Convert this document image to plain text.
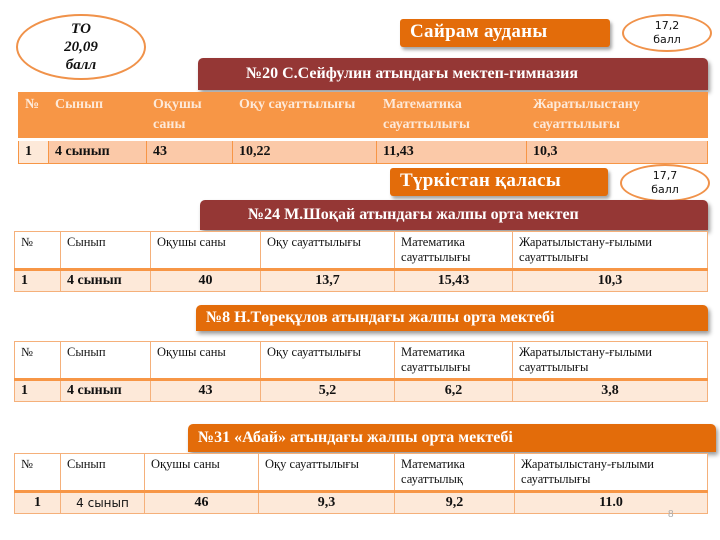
ТО
20,09
балл
Сайрам ауданы	17,2
балл
№20 С.Сейфулин атындағы мектеп-гимназия
№	Сынып	Оқушы саны	Оқу сауаттылығы	Математика сауаттылығы	Жаратылыстану сауаттылығы
1	4 сынып	43	10,22	11,43	10,3
Түркістан қаласы	17,7
балл
№24 М.Шоқай атындағы жалпы орта мектеп
№	Сынып	Оқушы саны	Оқу сауаттылығы	Математика сауаттылығы	Жаратылыстану-ғылыми сауаттылығы
1	4 сынып	40	13,7	15,43	10,3
№8 Н.Төреқұлов атындағы жалпы орта мектебі
№	Сынып	Оқушы саны	Оқу сауаттылығы	Математика сауаттылығы	Жаратылыстану-ғылыми сауаттылығы
1	4 сынып	43	5,2	6,2	3,8
№31 «Абай» атындағы жалпы орта мектебі
№	Сынып	Оқушы саны	Оқу сауаттылығы	Математика сауаттылық	Жаратылыстану-ғылыми сауаттылығы
1	4 сынып	46	9,3	9,2	11.0
8
